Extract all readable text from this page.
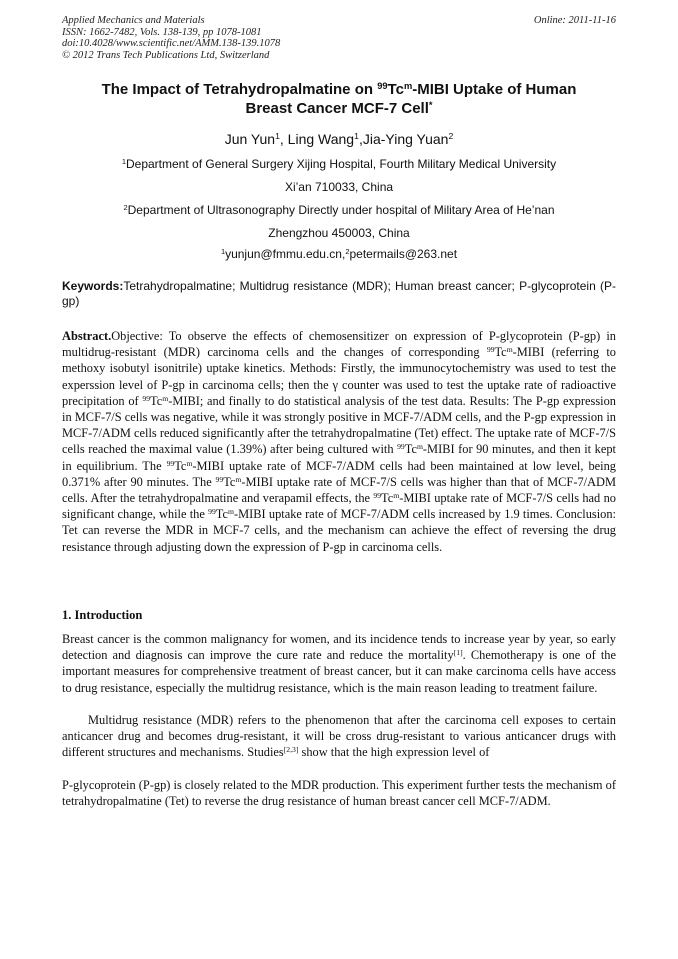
Applied Mechanics and Materials
ISSN: 1662-7482, Vols. 138-139, pp 1078-1081
doi:10.4028/www.scientific.net/AMM.138-139.1078
© 2012 Trans Tech Publications Ltd, Switzerland
Online: 2011-11-16
The Impact of Tetrahydropalmatine on $^{99}$Tc$^m$-MIBI Uptake of Human
Breast Cancer MCF-7 Cell*
Jun Yun$^1$, Ling Wang$^1$,Jia-Ying Yuan$^2$
$^1$Department of General Surgery Xijing Hospital, Fourth Military Medical University
Xi’an 710033, China
$^2$Department of Ultrasonography Directly under hospital of Military Area of He’nan
Zhengzhou 450003, China
$^1$yunjun@fmmu.edu.cn,$^2$petermails@263.net
Keywords:Tetrahydropalmatine; Multidrug resistance (MDR); Human breast cancer; P-glycoprotein (P-gp)
Abstract.Objective: To observe the effects of chemosensitizer on expression of P-glycoprotein (P-gp) in multidrug-resistant (MDR) carcinoma cells and the changes of corresponding $^{99}$Tc$^m$-MIBI (referring to methoxy isobutyl isonitrile) uptake kinetics. Methods: Firstly, the immunocytochemistry was used to test the experssion level of P-gp in carcinoma cells; then the γ counter was used to test the uptake rate of radioactive precipitation of $^{99}$Tc$^m$-MIBI; and finally to do statistical analysis of the test data. Results: The P-gp expression in MCF-7/S cells was negative, while it was strongly positive in MCF-7/ADM cells, and the P-gp expression in MCF-7/ADM cells reduced significantly after the tetrahydropalmatine (Tet) effect. The uptake rate of MCF-7/S cells reached the maximal value (1.39%) after being cultured with $^{99}$Tc$^m$-MIBI for 90 minutes, and then it kept in equilibrium. The $^{99}$Tc$^m$-MIBI uptake rate of MCF-7/ADM cells had been maintained at low level, being 0.371% after 90 minutes. The $^{99}$Tc$^m$-MIBI uptake rate of MCF-7/S cells was higher than that of MCF-7/ADM cells. After the tetrahydropalmatine and verapamil effects, the $^{99}$Tc$^m$-MIBI uptake rate of MCF-7/S cells had no significant change, while the $^{99}$Tc$^m$-MIBI uptake rate of MCF-7/ADM cells increased by 1.9 times. Conclusion: Tet can reverse the MDR in MCF-7 cells, and the mechanism can achieve the effect of reversing the drug resistance through adjusting down the expression of P-gp in carcinoma cells.
1. Introduction
Breast cancer is the common malignancy for women, and its incidence tends to increase year by year, so early detection and diagnosis can improve the cure rate and reduce the mortality[1]. Chemotherapy is one of the important measures for comprehensive treatment of breast cancer, but it can make carcinoma cells have access to drug resistance, especially the multidrug resistance, which is the main reason leading to treatment failure.
Multidrug resistance (MDR) refers to the phenomenon that after the carcinoma cell exposes to certain anticancer drug and becomes drug-resistant, it will be cross drug-resistant to various anticancer drugs with different structures and mechanisms. Studies[2,3] show that the high expression level of
P-glycoprotein (P-gp) is closely related to the MDR production. This experiment further tests the mechanism of tetrahydropalmatine (Tet) to reverse the drug resistance of human breast cancer cell MCF-7/ADM.
